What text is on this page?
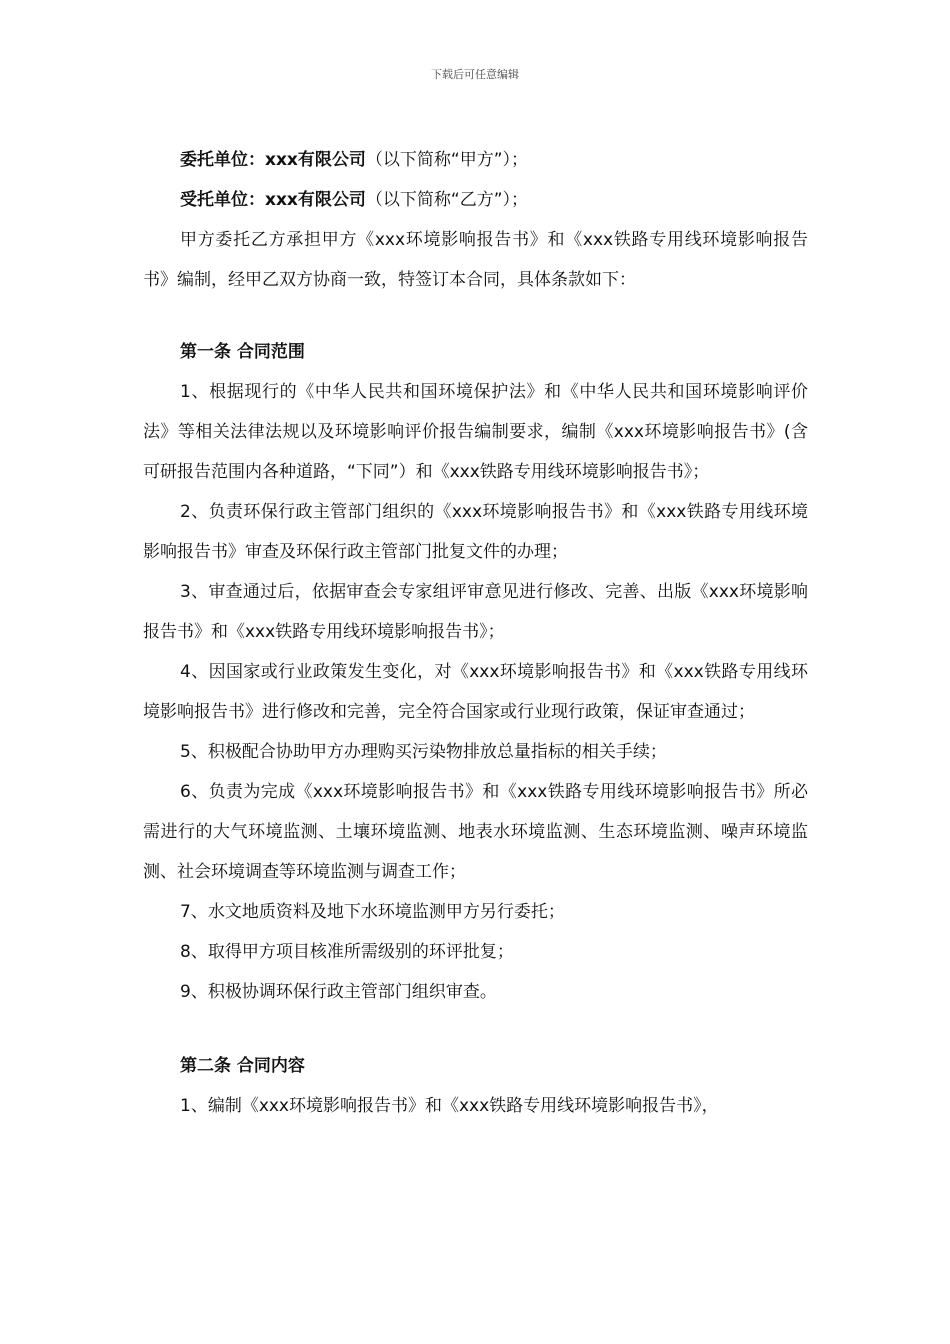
下载后可任意编辑

委托单位：xxx有限公司（以下简称“甲方”）；

受托单位：xxx有限公司（以下简称“乙方”）；

甲方委托乙方承担甲方《xxx环境影响报告书》和《xxx铁路专用线环境影响报告书》编制，经甲乙双方协商一致，特签订本合同，具体条款如下：

第一条 合同范围

1、根据现行的《中华人民共和国环境保护法》和《中华人民共和国环境影响评价法》等相关法律法规以及环境影响评价报告编制要求，编制《xxx环境影响报告书》(含可研报告范围内各种道路，“下同”）和《xxx铁路专用线环境影响报告书》；

2、负责环保行政主管部门组织的《xxx环境影响报告书》和《xxx铁路专用线环境影响报告书》审查及环保行政主管部门批复文件的办理；

3、审查通过后，依据审查会专家组评审意见进行修改、完善、出版《xxx环境影响报告书》和《xxx铁路专用线环境影响报告书》；

4、因国家或行业政策发生变化，对《xxx环境影响报告书》和《xxx铁路专用线环境影响报告书》进行修改和完善，完全符合国家或行业现行政策，保证审查通过；

5、积极配合协助甲方办理购买污染物排放总量指标的相关手续；

6、负责为完成《xxx环境影响报告书》和《xxx铁路专用线环境影响报告书》所必需进行的大气环境监测、土壤环境监测、地表水环境监测、生态环境监测、噪声环境监测、社会环境调查等环境监测与调查工作；

7、水文地质资料及地下水环境监测甲方另行委托；

8、取得甲方项目核准所需级别的环评批复；

9、积极协调环保行政主管部门组织审查。

第二条 合同内容

1、编制《xxx环境影响报告书》和《xxx铁路专用线环境影响报告书》，
